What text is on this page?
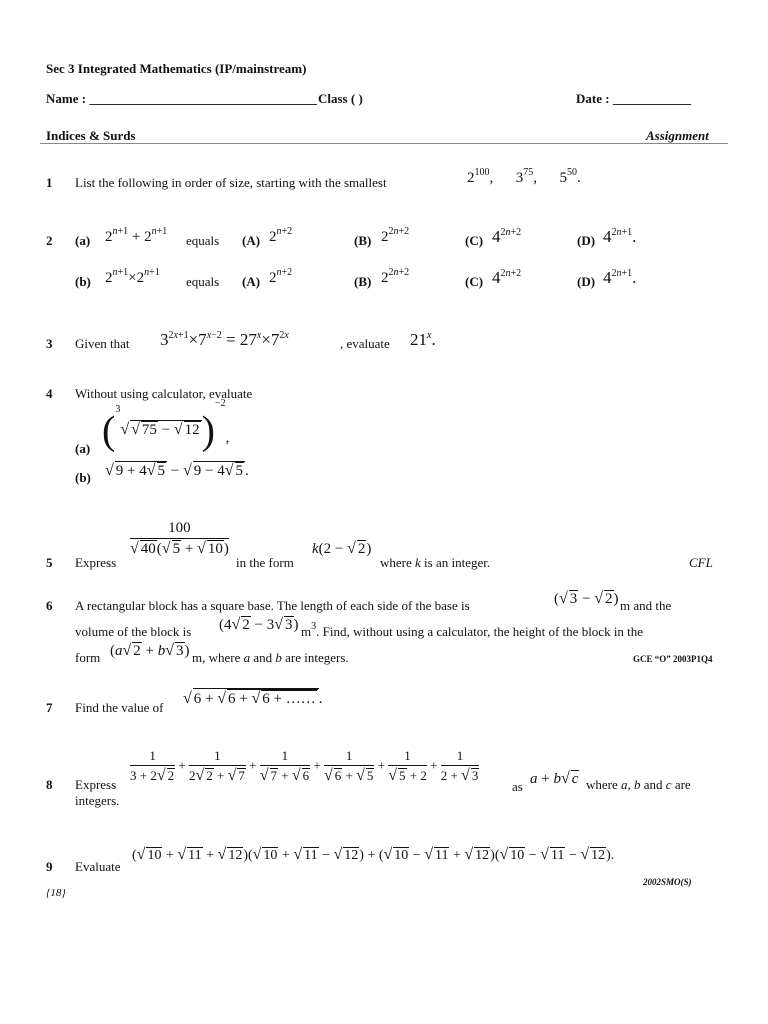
Sec 3 Integrated Mathematics (IP/mainstream)
Name : ___________________________________ Class ( )	Date : ____________
Indices & Surds	Assignment
1 List the following in order of size, starting with the smallest	$2^{100}$,      $3^{75}$,      $5^{50}$.
2 (a) $2^{n+1} + 2^{n+1}$
equals (A) $2^{n+2}$
(B) $2^{2n+2}$
(C) $4^{2n+2}$
(D) $4^{2n+1}$.
(b) $2^{n+1}\times 2^{n+1}$
equals (A) $2^{n+2}$
(B) $2^{2n+2}$
(C) $4^{2n+2}$
(D) $4^{2n+1}$.
3 Given that $3^{2x+1}\times 7^{x-2} = 27^x\times 7^{2x}$
, evaluate 21$^x$.
4 Without using calculator, evaluate
(a) ($^3$√ √ 75 − √ 12)$^{-2}$,
(b) √ 9 + 4√ 5 − √ 9 − 4√ 5 .
5 Express
$\frac{100}{√ 40(√ 5 + √ 10)}$
in the form
k(2 − √ 2)
where k is an integer.	CFL
6 A rectangular block has a square base. The length of each side of the base is	(√ 3 − √ 2) m and the
volume of the block is (4√ 2 − 3√ 3) $m^3$. Find, without using a calculator, the height of the block in the
form (a√ 2 + b√ 3) m, where a and b are integers.	GCE “O” 2003P1Q4
7 Find the value of
√ 6 + √ 6 + √ 6 + …… .
8 Express $\frac{1}{3 + 2√ 2} + \frac{1}{2√ 2 + √ 7} + \frac{1}{√ 7 + √ 6} + \frac{1}{√ 6 + √ 5} + \frac{1}{√ 5 + 2} + \frac{1}{2 + √ 3}$
as a + b√ c where a, b and c are
integers.
9 Evaluate
(√ 10 + √ 11 + √ 12)(√ 10 + √ 11 − √ 12) + (√ 10 − √ 11 + √ 12)(√ 10 − √ 11 − √ 12).
2002SMO(S)
{18}
